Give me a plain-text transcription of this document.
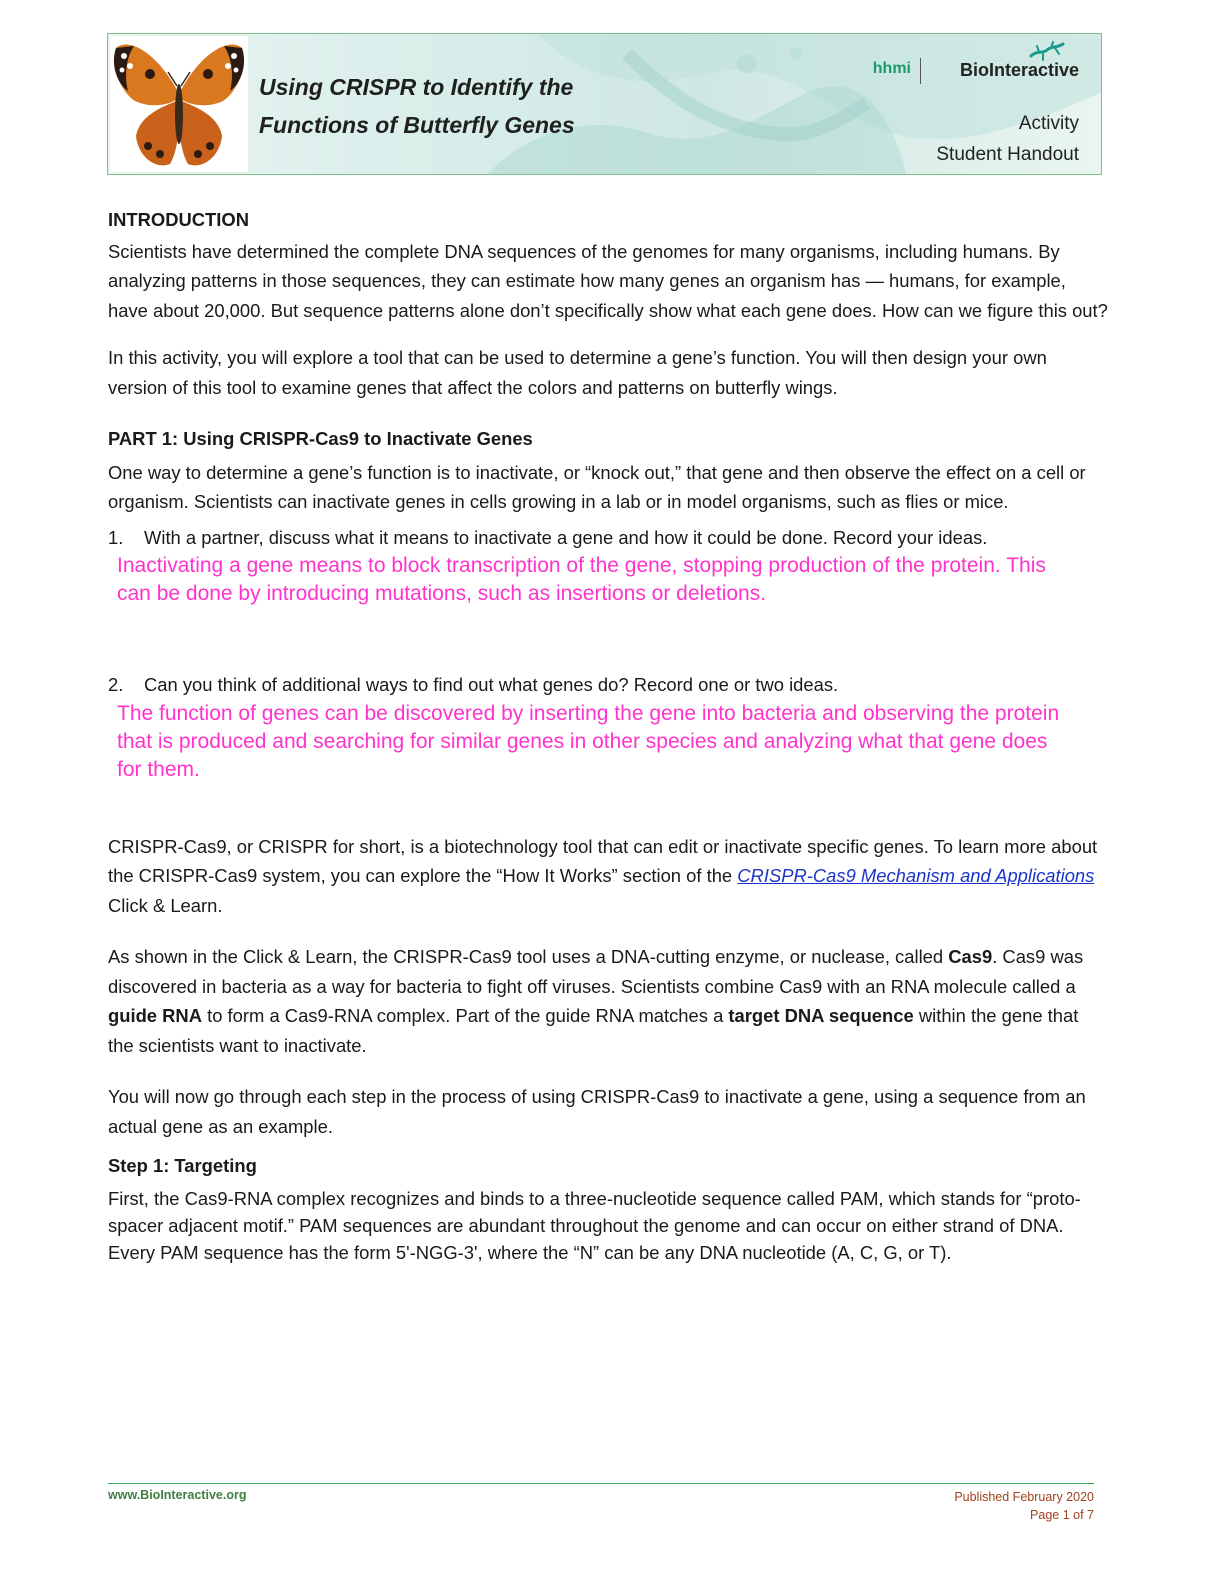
Using CRISPR to Identify the
Functions of Butterfly Genes
hhmi	BioInteractive
Activity
Student Handout

INTRODUCTION

Scientists have determined the complete DNA sequences of the genomes for many organisms, including humans. By analyzing patterns in those sequences, they can estimate how many genes an organism has — humans, for example, have about 20,000. But sequence patterns alone don’t specifically show what each gene does. How can we figure this out?

In this activity, you will explore a tool that can be used to determine a gene’s function. You will then design your own version of this tool to examine genes that affect the colors and patterns on butterfly wings.

PART 1: Using CRISPR-Cas9 to Inactivate Genes

One way to determine a gene’s function is to inactivate, or “knock out,” that gene and then observe the effect on a cell or organism. Scientists can inactivate genes in cells growing in a lab or in model organisms, such as flies or mice.

1.	With a partner, discuss what it means to inactivate a gene and how it could be done. Record your ideas.
Inactivating a gene means to block transcription of the gene, stopping production of the protein. This can be done by introducing mutations, such as insertions or deletions.
2.	Can you think of additional ways to find out what genes do? Record one or two ideas.
The function of genes can be discovered by inserting the gene into bacteria and observing the protein that is produced and searching for similar genes in other species and analyzing what that gene does for them.

CRISPR-Cas9, or CRISPR for short, is a biotechnology tool that can edit or inactivate specific genes. To learn more about the CRISPR-Cas9 system, you can explore the “How It Works” section of the CRISPR-Cas9 Mechanism and Applications Click & Learn.

As shown in the Click & Learn, the CRISPR-Cas9 tool uses a DNA-cutting enzyme, or nuclease, called Cas9. Cas9 was discovered in bacteria as a way for bacteria to fight off viruses. Scientists combine Cas9 with an RNA molecule called a guide RNA to form a Cas9-RNA complex. Part of the guide RNA matches a target DNA sequence within the gene that the scientists want to inactivate.

You will now go through each step in the process of using CRISPR-Cas9 to inactivate a gene, using a sequence from an actual gene as an example.

Step 1: Targeting

First, the Cas9-RNA complex recognizes and binds to a three-nucleotide sequence called PAM, which stands for “proto-spacer adjacent motif.” PAM sequences are abundant throughout the genome and can occur on either strand of DNA. Every PAM sequence has the form 5'-NGG-3', where the “N” can be any DNA nucleotide (A, C, G, or T).

www.BioInteractive.org	Published February 2020
Page 1 of 7
